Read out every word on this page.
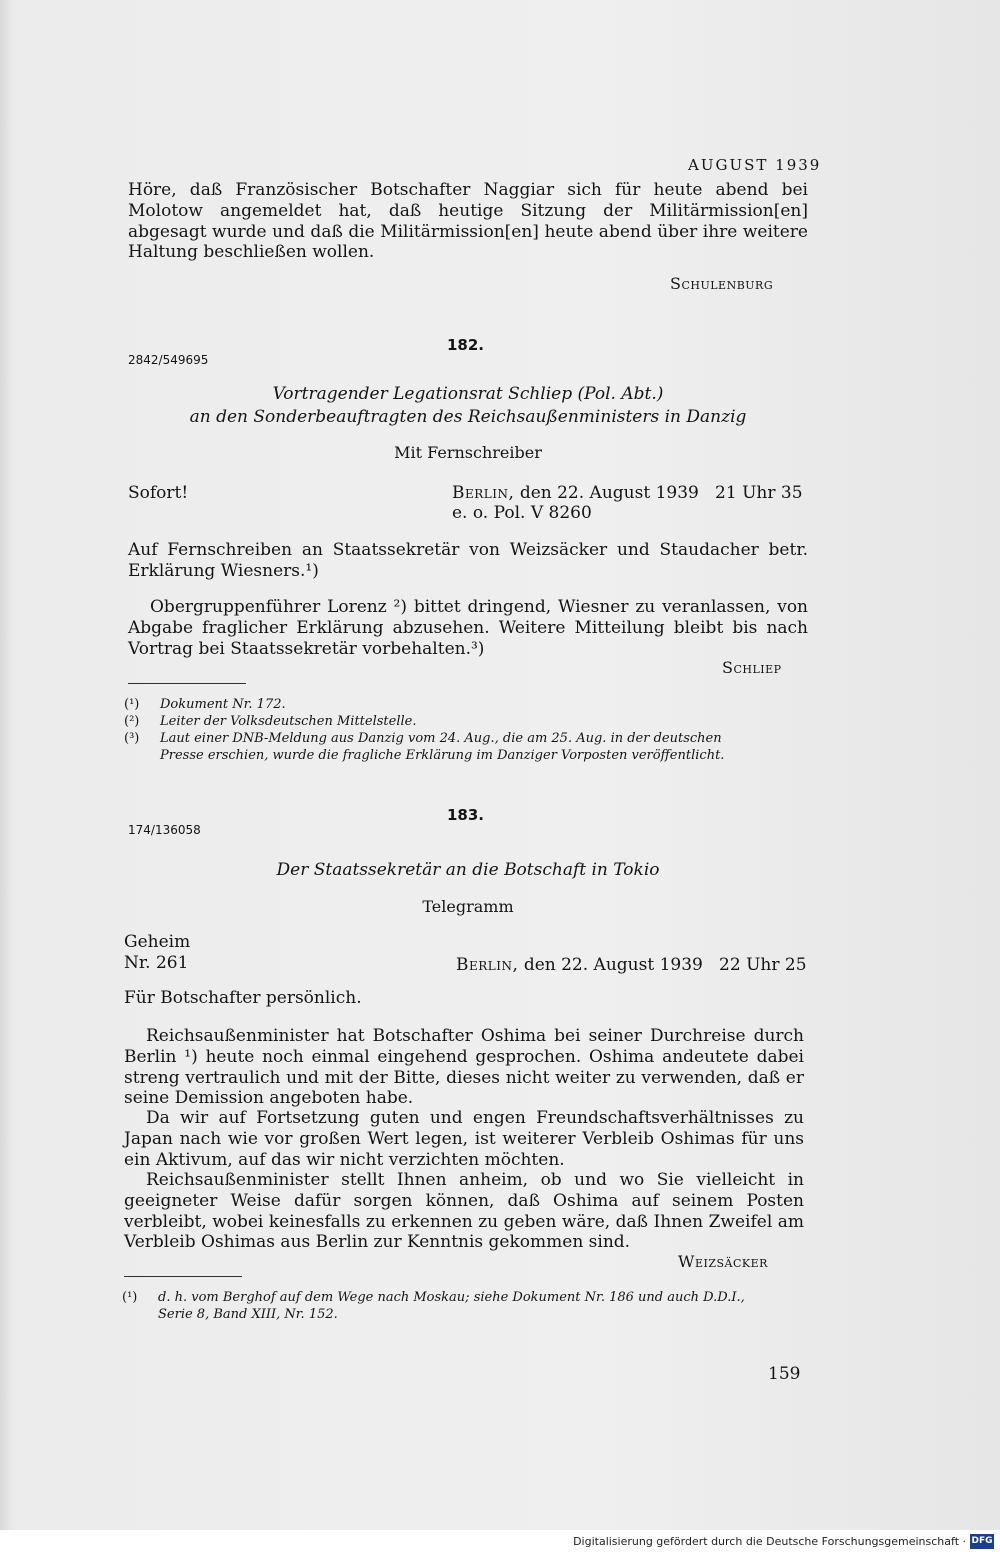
AUGUST 1939
Höre, daß Französischer Botschafter Naggiar sich für heute abend bei Molotow angemeldet hat, daß heutige Sitzung der Militärmission[en] abgesagt wurde und daß die Militärmission[en] heute abend über ihre weitere Haltung beschließen wollen.
Schulenburg
182.
2842/549695
Vortragender Legationsrat Schliep (Pol. Abt.)
an den Sonderbeauftragten des Reichsaußenministers in Danzig
Mit Fernschreiber
Sofort!	Berlin, den 22. August 1939   21 Uhr 35
e. o. Pol. V 8260
Auf Fernschreiben an Staatssekretär von Weizsäcker und Staudacher betr. Erklärung Wiesners.¹)
Obergruppenführer Lorenz ²) bittet dringend, Wiesner zu veranlassen, von Abgabe fraglicher Erklärung abzusehen. Weitere Mitteilung bleibt bis nach Vortrag bei Staatssekretär vorbehalten.³)
Schliep
(¹) Dokument Nr. 172.
(²) Leiter der Volksdeutschen Mittelstelle.
(³) Laut einer DNB-Meldung aus Danzig vom 24. Aug., die am 25. Aug. in der deutschen
Presse erschien, wurde die fragliche Erklärung im Danziger Vorposten veröffentlicht.
183.
174/136058
Der Staatssekretär an die Botschaft in Tokio
Telegramm
Geheim
Nr. 261	Berlin, den 22. August 1939   22 Uhr 25
Für Botschafter persönlich.
Reichsaußenminister hat Botschafter Oshima bei seiner Durchreise durch Berlin ¹) heute noch einmal eingehend gesprochen. Oshima andeutete dabei streng vertraulich und mit der Bitte, dieses nicht weiter zu verwenden, daß er seine Demission angeboten habe.
Da wir auf Fortsetzung guten und engen Freundschaftsverhältnisses zu Japan nach wie vor großen Wert legen, ist weiterer Verbleib Oshimas für uns ein Aktivum, auf das wir nicht verzichten möchten.
Reichsaußenminister stellt Ihnen anheim, ob und wo Sie vielleicht in geeigneter Weise dafür sorgen können, daß Oshima auf seinem Posten verbleibt, wobei keinesfalls zu erkennen zu geben wäre, daß Ihnen Zweifel am Verbleib Oshimas aus Berlin zur Kenntnis gekommen sind.
Weizsäcker
(¹) d. h. vom Berghof auf dem Wege nach Moskau; siehe Dokument Nr. 186 und auch D.D.I.,
Serie 8, Band XIII, Nr. 152.
159
Digitalisierung gefördert durch die Deutsche Forschungsgemeinschaft · DFG
